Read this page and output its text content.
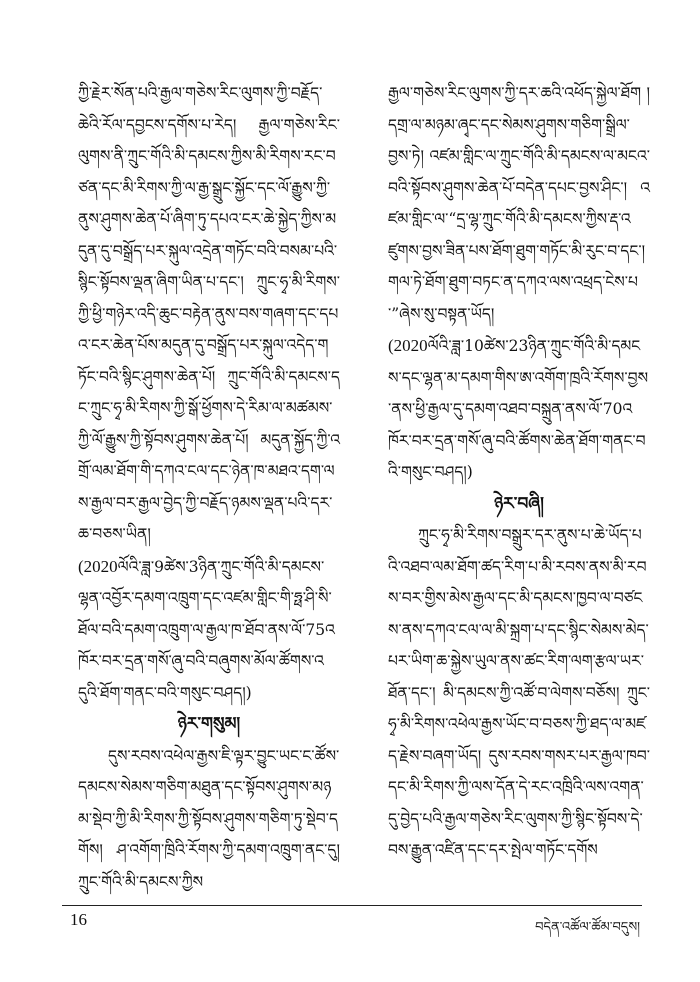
ཀྱི་རྗེར་སོན་པའི་རྒྱལ་གཅེས་རིང་ལུགས་ཀྱི་བརྗོད་ཆེའི་རོལ་དབྱངས་དགོས་པ་རེད། རྒྱལ་གཅེས་རིང་ལུགས་ནི་ཀྲུང་གོའི་མི་དམངས་ཀྱིས་མི་རིགས་རང་བཙན་དང་མི་རིགས་ཀྱི་ལ་རྒྱ་སྒྲུང་སྐྱོང་དང་ལོ་རྒྱུས་ཀྱི་ནུས་ཤུགས་ཆེན་པོ་ཞིག་ཏུ་དཔའ་ངར་ཆེ་སྐྱེད་ཀྱིས་མདུན་དུ་བསྒྲོད་པར་སྐུལ་འདྲེན་གཏོང་བའི་བསམ་པའི་སྙིང་སྟོབས་ལྡན་ཞིག་ཡིན་པ་དང་། ཀྲུང་ཧྭ་མི་རིགས་ཀྱི་ཕྱི་གཉེར་འདི་ཆུང་བརྟེན་ནུས་བས་གཞག་དང་དཔའ་ངར་ཆེན་པོས་མདུན་དུ་བསྒྲོད་པར་སྐུལ་འདེད་གཏོང་བའི་སྙིང་ཤུགས་ཆེན་པོ། ཀྲུང་གོའི་མི་དམངས་དང་ཀྲུང་ཧྭ་མི་རིགས་ཀྱི་སྒོ་ཕྱོགས་དེ་རིམ་ལ་མཚམས་ཀྱི་ལོ་རྒྱུས་ཀྱི་སྟོབས་ཤུགས་ཆེན་པོ། མདུན་སྐྱོད་ཀྱི་འགྲོ་ལམ་ཐོག་གི་དཀའ་ངལ་དང་ཉེན་ཁ་མཐའ་དག་ལས་རྒྱལ་བར་རྒྱལ་བྱེད་ཀྱི་བརྗོད་ཉམས་ལྡན་པའི་དར་ཆ་བཅས་ཡིན།

(2020ལོའི་ཟླ་9ཚེས་3ཉིན་ཀྲུང་གོའི་མི་དམངས་ལྷན་འབྱོར་དམག་འཁྲུག་དང་འཛམ་གླིང་གི་ཧྥ་ཤི་སི་ཐོལ་བའི་དམག་འཁྲུག་ལ་རྒྱལ་ཁ་ཐོབ་ནས་ལོ་75འཁོར་བར་དྲན་གསོ་ཞུ་བའི་བཞུགས་མོལ་ཚོགས་འདུའི་ཐོག་གནང་བའི་གསུང་བཤད།)

ཉེར་གསུམ།

དུས་རབས་འཕེལ་རྒྱས་ཇི་ལྟར་བྱུང་ཡང་ང་ཚོས་དམངས་སེམས་གཅིག་མཐུན་དང་སྟོབས་ཤུགས་མཉམ་སྡེབ་ཀྱི་མི་རིགས་ཀྱི་སྟོབས་ཤུགས་གཅིག་ཏུ་སྡེབ་དགོས། ཤ་འགོག་ཁྲིའི་རོགས་ཀྱི་དམག་འཁྲུག་ནང་དུ། ཀྲུང་གོའི་མི་དམངས་ཀྱིས

རྒྱལ་གཅེས་རིང་ལུགས་ཀྱི་དར་ཆའི་འཕོད་སྐྱེལ་ཐོག །དགྲ་ལ་མཉམ་ཞྭང་དང་སེམས་ཤུགས་གཅིག་སྒྲིལ་བྱས་ཏེ། འཛམ་གླིང་ལ་ཀྲུང་གོའི་མི་དམངས་ལ་མངའ་བའི་སྟོབས་ཤུགས་ཆེན་པོ་བདེན་དཔང་བྱས་ཤིང་། འཛམ་གླིང་ལ་“དྲ་ལྷ་ཀྲུང་གོའི་མི་དམངས་ཀྱིས་རྡ་འཛུགས་བྱས་ཟིན་པས་ཐོག་ཐུག་གཏོང་མི་རུང་བ་དང་། གལ་ཏེ་ཐོག་ཐུག་བཏང་ན་དཀའ་ལས་འཕྲད་ངེས་པ་”ཞེས་སུ་བསྟན་ཡོད།

(2020ལོའི་ཟླ་10ཚེས་23ཉིན་ཀྲུང་གོའི་མི་དམངས་དང་ལྷན་མ་དམག་གིས་ཨ་འགོག་ཁྲའི་རོགས་བྱས་ནས་ཕྱི་རྒྱལ་དུ་དམག་འཐབ་བསྐྲུན་ནས་ལོ་70འཁོར་བར་དྲན་གསོ་ཞུ་བའི་ཚོགས་ཆེན་ཐོག་གནང་བའི་གསུང་བཤད།)

ཉེར་བཞི།

ཀྲུང་ཧྭ་མི་རིགས་བསྒྲུར་དར་ནུས་པ་ཆེ་ཡོད་པའི་འཐབ་ལམ་ཐོག་ཚད་རིག་པ་མི་རབས་ནས་མི་རབས་བར་གྱིས་མེས་རྒྱལ་དང་མི་དམངས་ཁྱབ་ལ་བཙངས་ནས་དཀའ་ངལ་ལ་མི་སྐྲག་པ་དང་སྙིང་སེམས་མེད་པར་ཡིག་ཆ་སྐྱེས་ཡུལ་ནས་ཚང་རིག་ལག་རྩལ་ཡར་ཐོན་དང་། མི་དམངས་ཀྱི་འཚོ་བ་ལེགས་བཅོས། ཀྲུང་ཧྭ་མི་རིགས་འཕེལ་རྒྱས་ཡོང་བ་བཅས་ཀྱི་ཐད་ལ་མཛད་རྗེས་བཞག་ཡོད། དུས་རབས་གསར་པར་རྒྱལ་ཁབ་དང་མི་རིགས་ཀྱི་ལས་དོན་དེ་རང་འཁྲིའི་ལས་འགན་དུ་བྱེད་པའི་རྒྱལ་གཅེས་རིང་ལུགས་ཀྱི་སྙིང་སྟོབས་དེ་བས་རྒྱུན་འཛིན་དང་དར་སྤེལ་གཏོང་དགོས

16	བདེན་འཚོལ་ཚོམ་བདུས།
